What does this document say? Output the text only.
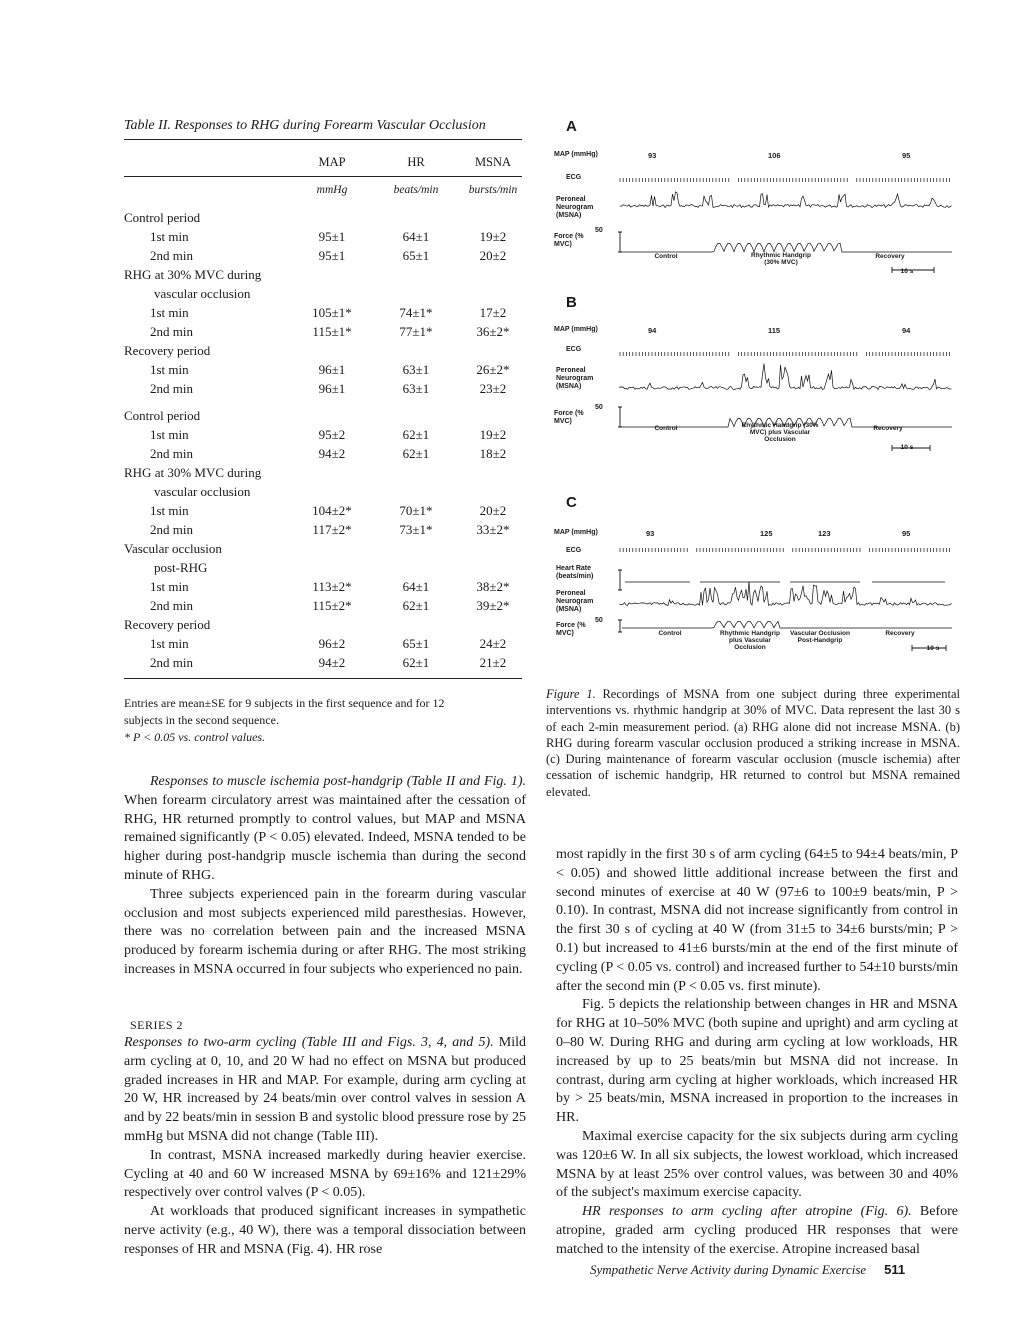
Table II. Responses to RHG during Forearm Vascular Occlusion
MAP	HR	MSNA
mmHg	beats/min	bursts/min
Control period
1st min	95±1	64±1	19±2
2nd min	95±1	65±1	20±2
RHG at 30% MVC during
vascular occlusion
1st min	105±1*	74±1*	17±2
2nd min	115±1*	77±1*	36±2*
Recovery period
1st min	96±1	63±1	26±2*
2nd min	96±1	63±1	23±2
Control period
1st min	95±2	62±1	19±2
2nd min	94±2	62±1	18±2
RHG at 30% MVC during
vascular occlusion
1st min	104±2*	70±1*	20±2
2nd min	117±2*	73±1*	33±2*
Vascular occlusion
post-RHG
1st min	113±2*	64±1	38±2*
2nd min	115±2*	62±1	39±2*
Recovery period
1st min	96±2	65±1	24±2
2nd min	94±2	62±1	21±2
Entries are mean±SE for 9 subjects in the first sequence and for 12
subjects in the second sequence.
* P < 0.05 vs. control values.

Responses to muscle ischemia post-handgrip (Table II and Fig. 1). When forearm circulatory arrest was maintained after the cessation of RHG, HR returned promptly to control values, but MAP and MSNA remained significantly (P < 0.05) elevated. Indeed, MSNA tended to be higher during post-handgrip muscle ischemia than during the second minute of RHG.

Three subjects experienced pain in the forearm during vascular occlusion and most subjects experienced mild paresthesias. However, there was no correlation between pain and the increased MSNA produced by forearm ischemia during or after RHG. The most striking increases in MSNA occurred in four subjects who experienced no pain.

SERIES 2

Responses to two-arm cycling (Table III and Figs. 3, 4, and 5). Mild arm cycling at 0, 10, and 20 W had no effect on MSNA but produced graded increases in HR and MAP. For example, during arm cycling at 20 W, HR increased by 24 beats/min over control valves in session A and by 22 beats/min in session B and systolic blood pressure rose by 25 mmHg but MSNA did not change (Table III).

In contrast, MSNA increased markedly during heavier exercise. Cycling at 40 and 60 W increased MSNA by 69±16% and 121±29% respectively over control valves (P < 0.05).

At workloads that produced significant increases in sympathetic nerve activity (e.g., 40 W), there was a temporal dissociation between responses of HR and MSNA (Fig. 4). HR rose

most rapidly in the first 30 s of arm cycling (64±5 to 94±4 beats/min, P < 0.05) and showed little additional increase between the first and second minutes of exercise at 40 W (97±6 to 100±9 beats/min, P > 0.10). In contrast, MSNA did not increase significantly from control in the first 30 s of cycling at 40 W (from 31±5 to 34±6 bursts/min; P > 0.1) but increased to 41±6 bursts/min at the end of the first minute of cycling (P < 0.05 vs. control) and increased further to 54±10 bursts/min after the second min (P < 0.05 vs. first minute).

Fig. 5 depicts the relationship between changes in HR and MSNA for RHG at 10–50% MVC (both supine and upright) and arm cycling at 0–80 W. During RHG and during arm cycling at low workloads, HR increased by up to 25 beats/min but MSNA did not increase. In contrast, during arm cycling at higher workloads, which increased HR by > 25 beats/min, MSNA increased in proportion to the increases in HR.

Maximal exercise capacity for the six subjects during arm cycling was 120±6 W. In all six subjects, the lowest workload, which increased MSNA by at least 25% over control values, was between 30 and 40% of the subject's maximum exercise capacity.

HR responses to arm cycling after atropine (Fig. 6). Before atropine, graded arm cycling produced HR responses that were matched to the intensity of the exercise. Atropine increased basal

A
MAP (mmHg)	93	106	95
ECG
Peroneal Neurogram (MSNA)
Force (% MVC)
50
Control	Rhythmic Handgrip (30% MVC)
Recovery
10 s
B
MAP (mmHg)	94	115	94
ECG
Peroneal Neurogram (MSNA)
Force (% MVC)
50
Control	Rhythmic Handgrip (30% MVC) plus Vascular Occlusion
Recovery
10 s
C
MAP (mmHg)	93	125	123	95
ECG
Heart Rate (beats/min)
Peroneal Neurogram (MSNA)
Force (% MVC)
50
Control	Rhythmic Handgrip plus Vascular Occlusion
Vascular Occlusion Post-Handgrip
Recovery
10 s
Figure 1. Recordings of MSNA from one subject during three experimental interventions vs. rhythmic handgrip at 30% of MVC. Data represent the last 30 s of each 2-min measurement period. (a) RHG alone did not increase MSNA. (b) RHG during forearm vascular occlusion produced a striking increase in MSNA. (c) During maintenance of forearm vascular occlusion (muscle ischemia) after cessation of ischemic handgrip, HR returned to control but MSNA remained elevated.
Sympathetic Nerve Activity during Dynamic Exercise 511
